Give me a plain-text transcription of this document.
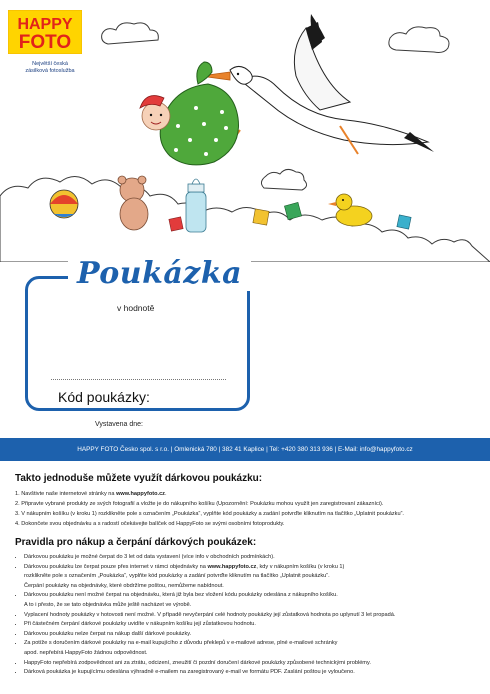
HAPPY
FOTO
Největší česká
zásilková fotoslužba
Poukázka
v hodnotě
Kód poukázky:
Vystavena dne:
HAPPY FOTO Česko spol. s r.o. | Omlenická 780 | 382 41 Kaplice | Tel: +420 380 313 936 | E-Mail: info@happyfoto.cz
Takto jednoduše můžete využít dárkovou poukázku:
1. Navštivte naše internetové stránky na www.happyfoto.cz.
2. Připravte vybrané produkty ze svých fotografií a vložte je do nákupního košíku (Upozornění: Poukázku mohou využít jen zaregistrovaní zákazníci).
3. V nákupním košíku (v kroku 1) rozklikněte pole s označením „Poukázka“, vyplňte kód poukázky a zadání potvrďte kliknutím na tlačítko „Uplatnit poukázku“.
4. Dokončete svou objednávku a s radostí očekávejte balíček od HappyFoto se svými osobními fotoprodukty.
Pravidla pro nákup a čerpání dárkových poukázek:
• Dárkovou poukázku je možné čerpat do 3 let od data vystavení (více info v obchodních podmínkách).
• Dárkovou poukázku lze čerpat pouze přes internet v rámci objednávky na www.happyfoto.cz, kdy v nákupním košíku (v kroku 1)
rozklikněte pole s označením „Poukázka“, vyplňte kód poukázky a zadání potvrďte kliknutím na tlačítko „Uplatnit poukázku“.
Čerpání poukázky na objednávky, které obdržíme poštou, nemůžeme nabídnout.
• Dárkovou poukázku není možné čerpat na objednávku, která již byla bez vložení kódu poukázky odeslána z nákupního košíku.
A to i přesto, že se tato objednávka může ještě nacházet ve výrobě.
• Vyplacení hodnoty poukázky v hotovosti není možné. V případě nevyčerpání celé hodnoty poukázky její zůstatková hodnota po uplynutí 3 let propadá.
• Při částečném čerpání dárkové poukázky uvidíte v nákupním košíku její zůstatkovou hodnotu.
• Dárkovou poukázku nelze čerpat na nákup další dárkové poukázky.
• Za potíže s doručením dárkové poukázky na e-mail kupujícího z důvodu překlepů v e-mailové adrese, plné e-mailové schránky
apod. nepřebírá HappyFoto žádnou odpovědnost.
• HappyFoto nepřebírá zodpovědnost ani za ztrátu, odcizení, zneužití či pozdní doručení dárkové poukázky způsobené technickými problémy.
• Dárková poukázka je kupujícímu odeslána výhradně e-mailem na zaregistrovaný e-mail ve formátu PDF. Zaslání poštou je vyloučeno.
